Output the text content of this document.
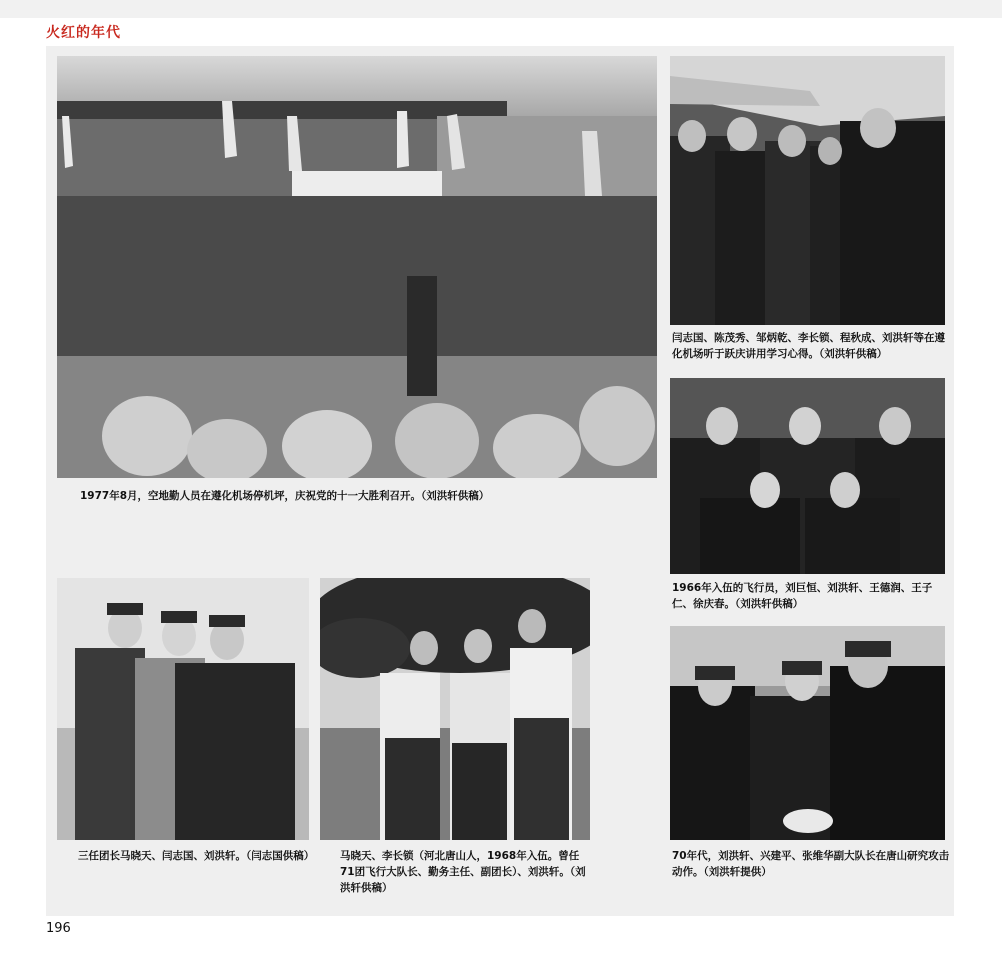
火红的年代
1977年8月，空地勤人员在遵化机场停机坪，庆祝党的十一大胜利召开。（刘洪轩供稿）
闫志国、陈茂秀、邹炳乾、李长锁、程秋成、刘洪轩等在遵化机场听于跃庆讲用学习心得。（刘洪轩供稿）
1966年入伍的飞行员，刘巨恒、刘洪轩、王德润、王子仁、徐庆春。（刘洪轩供稿）
三任团长马晓天、闫志国、刘洪轩。（闫志国供稿）	马晓天、李长锁（河北唐山人，1968年入伍。曾任71团飞行大队长、勤务主任、副团长）、刘洪轩。（刘洪轩供稿）
70年代，刘洪轩、兴建平、张维华副大队长在唐山研究攻击动作。（刘洪轩提供）
196
